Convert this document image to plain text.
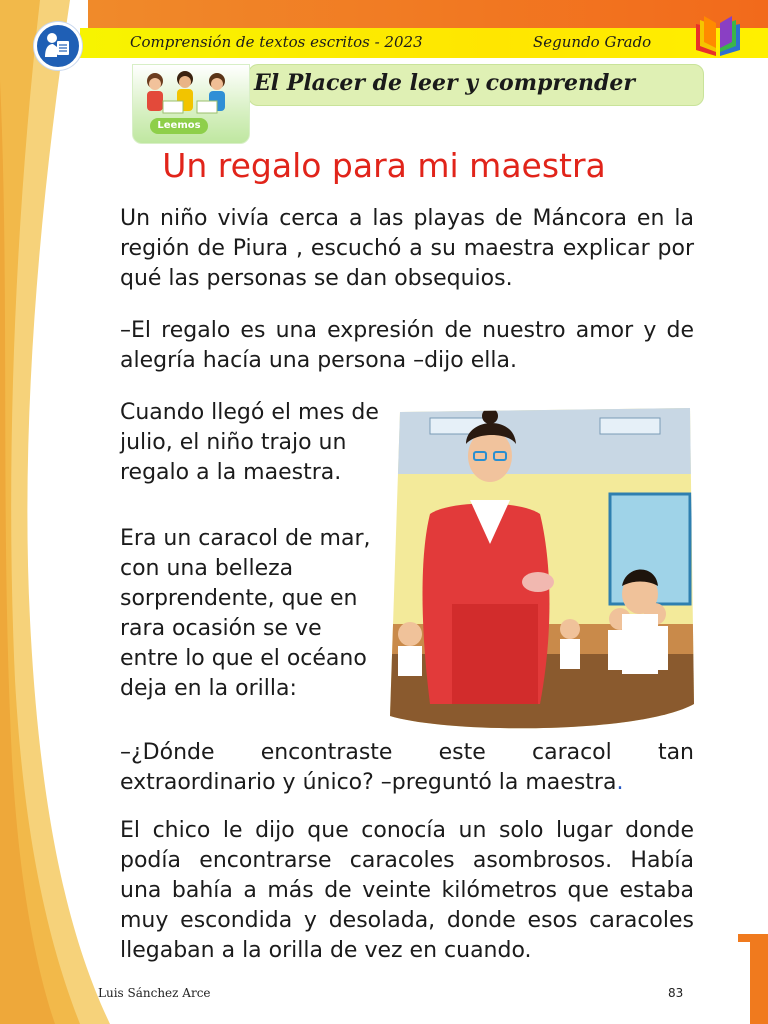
Comprensión de textos escritos - 2023	Segundo Grado
Leemos
El Placer de leer y comprender
Un regalo para mi maestra
Un niño vivía cerca a las playas de Máncora en la región de Piura , escuchó a su maestra explicar por qué las personas se dan obsequios.
–El regalo es una expresión de nuestro amor y de alegría hacía una persona –dijo ella.
Cuando llegó el mes de julio, el niño trajo un regalo a la maestra.
Era un caracol de mar, con una belleza sorprendente, que en rara ocasión se ve entre lo que el océano deja en la orilla:
–¿Dónde encontraste este caracol tan extraordinario y único? –preguntó la maestra.
El chico le dijo que conocía un solo lugar donde podía encontrarse caracoles asombrosos. Había una bahía a más de veinte kilómetros que estaba muy escondida y desolada, donde esos caracoles llegaban a la orilla de vez en cuando.
Luis Sánchez Arce	83
